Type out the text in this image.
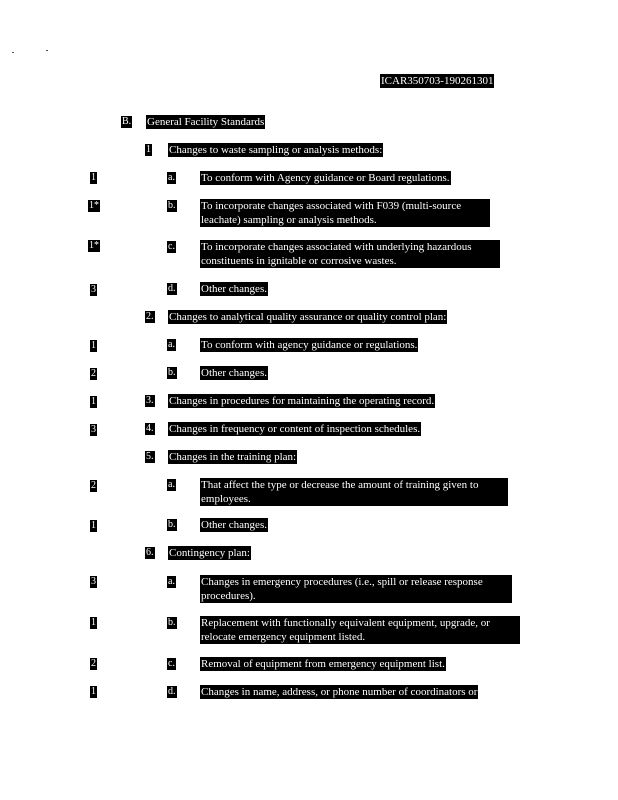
ICAR350703-190261301
B. General Facility Standards
1 Changes to waste sampling or analysis methods:
1	a. To conform with Agency guidance or Board regulations.
1*	b. To incorporate changes associated with F039 (multi-source leachate) sampling or analysis methods.
1*	c. To incorporate changes associated with underlying hazardous constituents in ignitable or corrosive wastes.
3	d. Other changes.
2. Changes to analytical quality assurance or quality control plan:
1	a. To conform with agency guidance or regulations.
2	b. Other changes.
1	3. Changes in procedures for maintaining the operating record.
3	4. Changes in frequency or content of inspection schedules.
5. Changes in the training plan:
2	a. That affect the type or decrease the amount of training given to employees.
1	b. Other changes.
6. Contingency plan:
3	a. Changes in emergency procedures (i.e., spill or release response procedures).
1	b. Replacement with functionally equivalent equipment, upgrade, or relocate emergency equipment listed.
2	c. Removal of equipment from emergency equipment list.
1	d. Changes in name, address, or phone number of coordinators or
